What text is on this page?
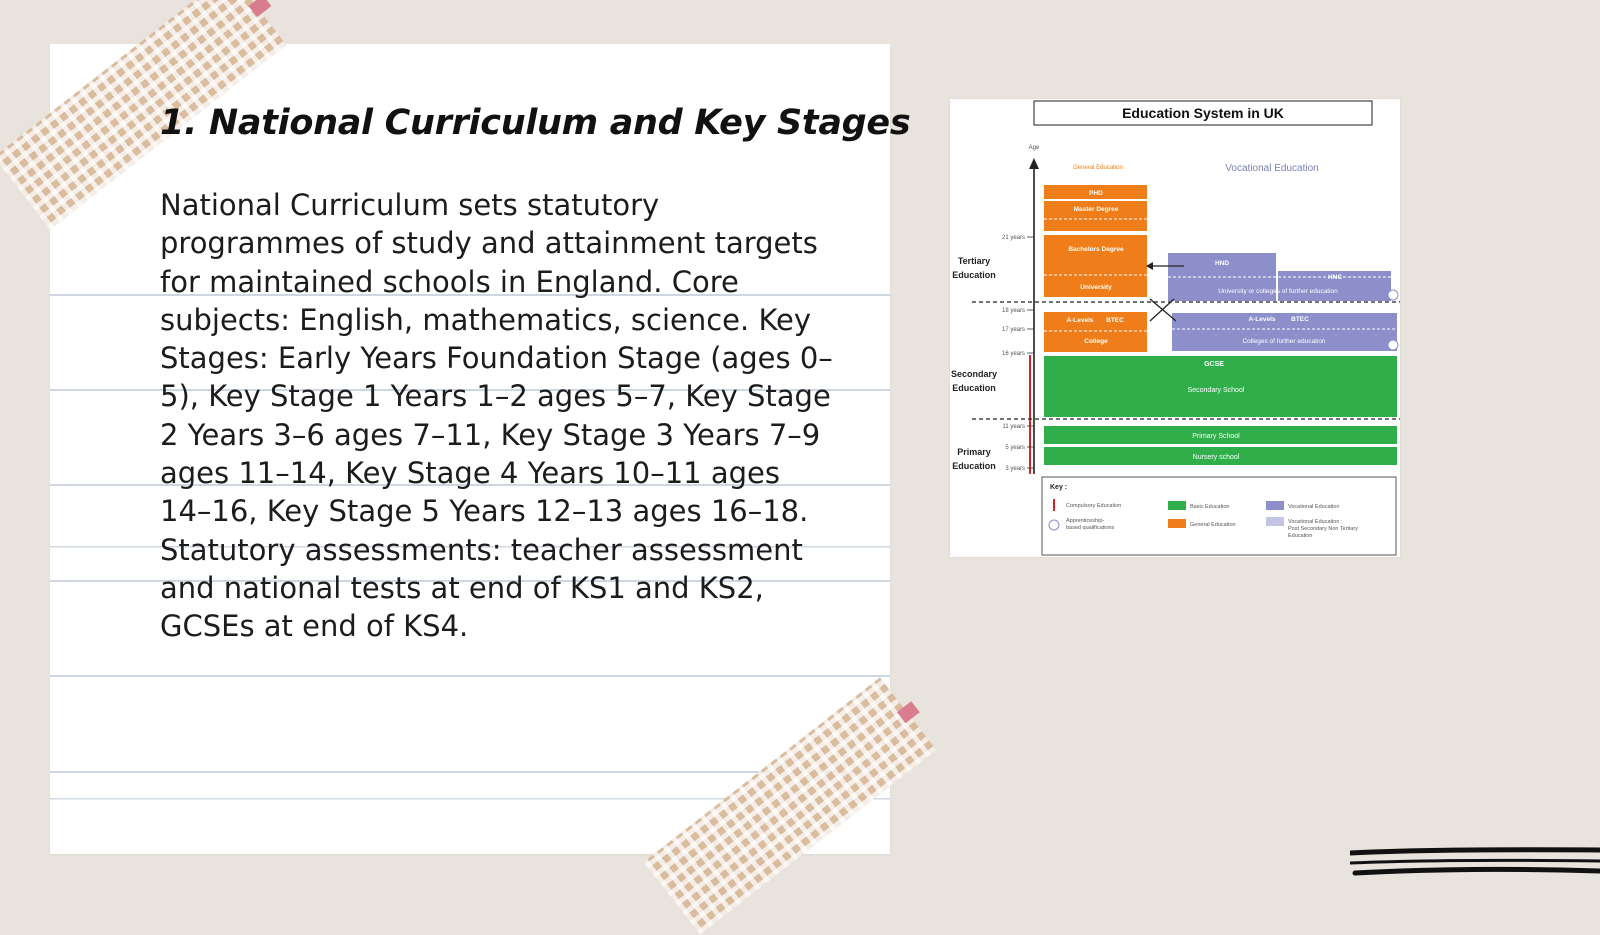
1. National Curriculum and Key Stages

National Curriculum sets statutory programmes of study and attainment targets for maintained schools in England. Core subjects: English, mathematics, science. Key Stages: Early Years Foundation Stage (ages 0–5), Key Stage 1 Years 1–2 ages 5–7, Key Stage 2 Years 3–6 ages 7–11, Key Stage 3 Years 7–9 ages 11–14, Key Stage 4 Years 10–11 ages 14–16, Key Stage 5 Years 12–13 ages 16–18. Statutory assessments: teacher assessment and national tests at end of KS1 and KS2, GCSEs at end of KS4.

Education System in UK
Age
21 years
18 years
17 years
16 years
11 years
5 years
3 years
Tertiary
Education
Secondary
Education
Primary
Education
General Education	Vocational Education
PHD
Master Degree
Bachelors Degree
University
A-Levels BTEC
College
HND
HNC
University or colleges of further education
A-Levels BTEC
Colleges of further education
GCSE
Secondary School
Primary School
Nursery school
Key :
Compulsory Education
Apprenticeship-
based qualifications
Basic Education
General Education
Vocational Education
Vocational Education :
Post Secondary Non Tertiary
Education
